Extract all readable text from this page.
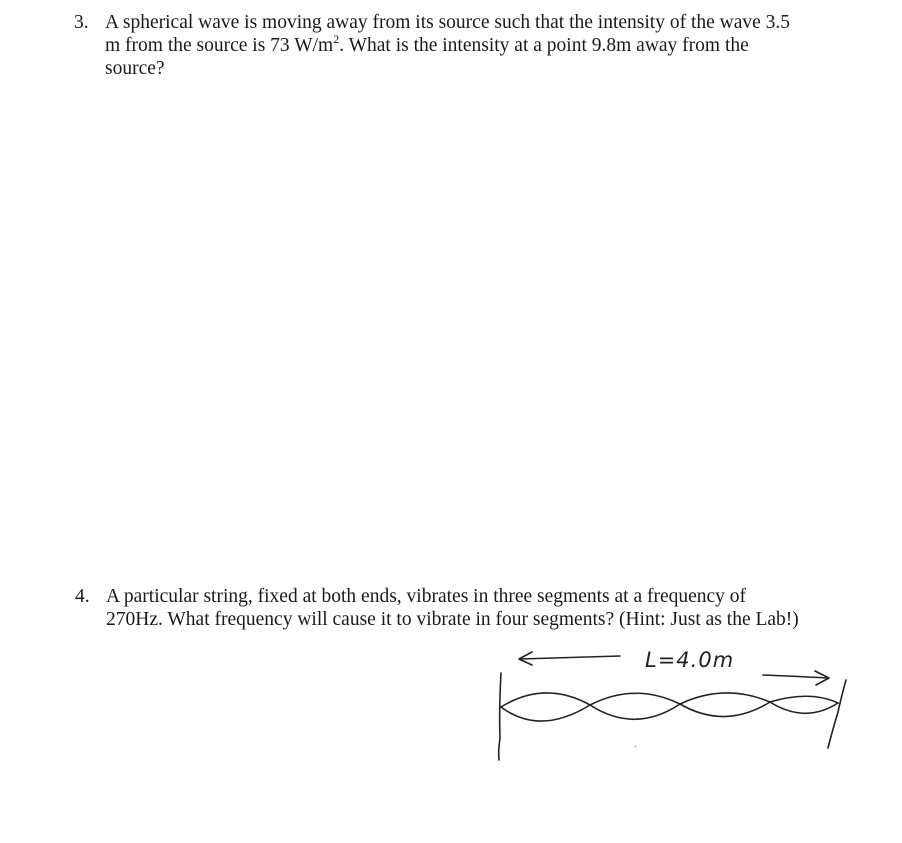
3. A spherical wave is moving away from its source such that the intensity of the wave 3.5
m from the source is 73 $W/m^2$. What is the intensity at a point 9.8m away from the
source?
4. A particular string, fixed at both ends, vibrates in three segments at a frequency of
270Hz. What frequency will cause it to vibrate in four segments? (Hint: Just as the Lab!)
L=4.0m
